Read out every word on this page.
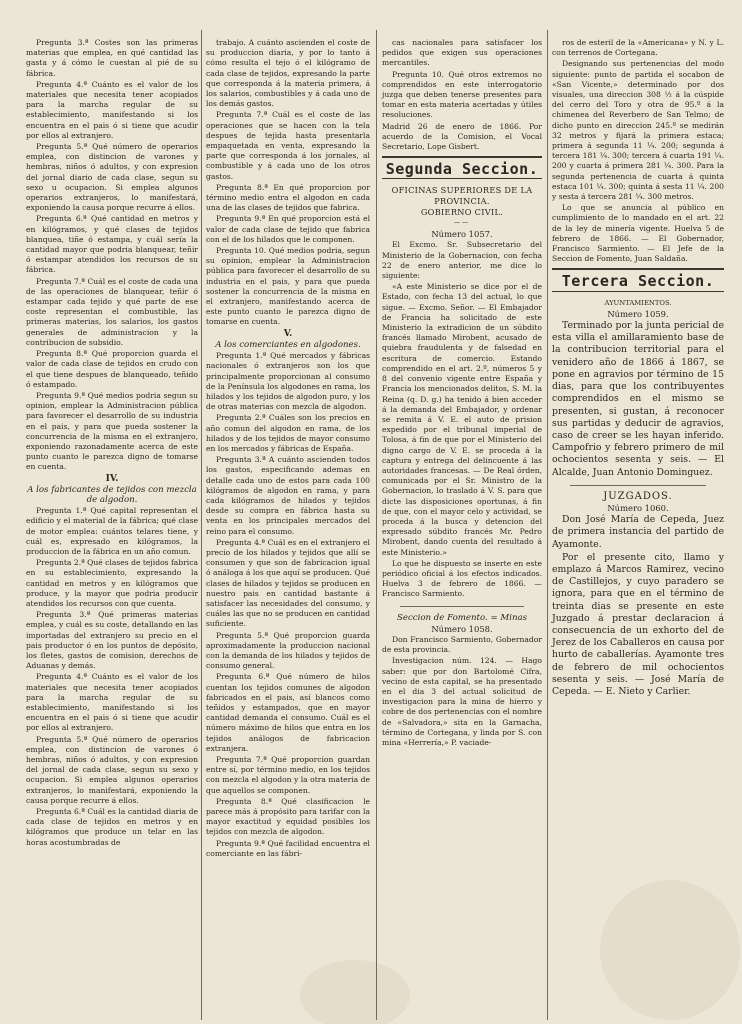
Pregunta 3.ª Costes son las primeras materias que emplea, en qué cantidad las gasta y á cómo le cuestan al pié de su fábrica.

Pregunta 4.ª Cuánto es el valor de los materiales que necesita tener acopiados para la marcha regular de su establecimiento, manifestando si los encuentra en el pais ó si tiene que acudir por ellos al extranjero.

Pregunta 5.ª Qué número de operarios emplea, con distincion de varones y hembras, niños ó adultos, y con expresion del jornal diario de cada clase, segun su sexo u ocupacion. Si emplea algunos operarios extranjeros, lo manifestará, exponiendo la causa porque recurre á ellos.

Pregunta 6.ª Qué cantidad en metros y en kilógramos, y qué clases de tejidos blanquea, tiñe ó estampa, y cuál sería la cantidad mayor que podria blanquear, teñir ó estampar atendidos los recursos de su fábrica.

Pregunta 7.ª Cuál es el coste de cada una de las operaciones de blanquear, teñir ó estampar cada tejido y qué parte de ese coste representan el combustible, las primeras materias, los salarios, los gastos generales de administracion y la contribucion de subsidio.

Pregunta 8.ª Qué proporcion guarda el valor de cada clase de tejidos en crudo con el que tiene despues de blanqueado, teñido ó estampado.

Pregunta 9.ª Qué medios podria segun su opinion, emplear la Administracion pública para favorecer el desarrollo de su industria en el pais, y para que pueda sostener la concurrencia de la misma en el extranjero, exponiendo razonadamente acerca de este punto cuanto le parezca digno de tomarse en cuenta.

IV.

A los fabricantes de tejidos con mezcla de algodon.

Pregunta 1.ª Qué capital representan el edificio y el material de la fábrica; qué clase de motor emplea: cuántos telares tiene, y cuál es, expresado en kilógramos, la produccion de la fábrica en un año comun.

Pregunta 2.ª Qué clases de tejidos fabrica en su establecimiento, expresando la cantidad en metros y en kilógramos que produce, y la mayor que podria producir atendidos los recursos con que cuenta.

Pregunta 3.ª Qué primeras materias emplea, y cuál es su coste, detallando en las importadas del extranjero su precio en el pais productor ó en los puntos de depósito, los fletes, gastos de comision, derechos de Aduanas y demás.

Pregunta 4.ª Cuánto es el valor de los materiales que necesita tener acopiados para la marcha regular de su establecimiento, manifestando si los encuentra en el pais ó si tiene que acudir por ellos al extranjero.

Pregunta 5.ª Qué número de operarios emplea, con distincion de varones ó hembras, niños ó adultos, y con expresion del jornal de cada clase, segun su sexo y ocupacion. Si emplea algunos operarios extranjeros, lo manifestará, exponiendo la causa porque recurre á ellos.

Pregunta 6.ª Cuál es la cantidad diaria de cada clase de tejidos en metros y en kilógramos que produce un telar en las horas acostumbradas de

trabajo. A cuánto ascienden el coste de su produccion diaria, y por lo tanto á cómo resulta el tejo ó el kilógramo de cada clase de tejidos, expresando la parte que corresponda á la materia primera, á los salarios, combustibles y á cada uno de los demás gastos.

Pregunta 7.ª Cuál es el coste de las operaciones que se hacen con la tela despues de tejida hasta presentarla empaquetada en venta, expresando la parte que corresponda á los jornales, al combustible y á cada uno de los otros gastos.

Pregunta 8.ª En qué proporcion por término medio entra el algodon en cada una de las clases de tejidos que fabrica.

Pregunta 9.ª En qué proporcion está el valor de cada clase de tejido que fabrica con el de los hilados que le componen.

Pregunta 10. Qué medios podria, segun su opinion, emplear la Administracion pública para favorecer el desarrollo de su industria en el pais, y para que pueda sostener la concurrencia de la misma en el extranjero, manifestando acerca de este punto cuanto le parezca digno de tomarse en cuenta.

V.

A los comerciantes en algodones.

Pregunta 1.ª Qué mercados y fábricas nacionales ó extranjeros son los que principalmente proporcionan al consumo de la Península los algodones en rama, los hilados y los tejidos de algodon puro, y los de otras materias con mezcla de algodon.

Pregunta 2.ª Cuáles son los precios en año comun del algodon en rama, de los hilados y de los tejidos de mayor consumo en los mercados y fábricas de España.

Pregunta 3.ª A cuánto ascienden todos los gastos, especificando ademas en detalle cada uno de estos para cada 100 kilógramos de algodon en rama, y para cada kilógramos de hilados y tejidos desde su compra en fábrica hasta su venta en los principales mercados del reino para el consumo.

Pregunta 4.ª Cuál es en el extranjero el precio de los hilados y tejidos que allí se consumen y que son de fabricacion igual ó análoga á los que aquí se producen. Qué clases de hilados y tejidos se producen en nuestro pais en cantidad bastante á satisfacer las necesidades del consumo, y cuáles las que no se producen en cantidad suficiente.

Pregunta 5.ª Qué proporcion guarda aproximadamente la produccion nacional con la demanda de los hilados y tejidos de consumo general.

Pregunta 6.ª Qué número de hilos cuentan los tejidos comunes de algodon fabricados en el pais, así blancos como teñidos y estampados, que en mayor cantidad demanda el consumo. Cuál es el número máximo de hilos que entra en los tejidos análogos de fabricacion extranjera.

Pregunta 7.ª Qué proporcion guardan entre sí, por término medio, en los tejidos con mezcla el algodon y la otra materia de que aquellos se componen.

Pregunta 8.ª Qué clasificacion le parece más á propósito para tarifar con la mayor exactitud y equidad posibles los tejidos con mezcla de algodon.

Pregunta 9.ª Qué facilidad encuentra el comerciante en las fábri-

cas nacionales para satisfacer los pedidos que exigen sus operaciones mercantiles.

Pregunta 10. Qué otros extremos no comprendidos en este interrogatorio juzga que deben tenerse presentes para tomar en esta materia acertadas y útiles resoluciones.

Madrid 26 de enero de 1866. Por acuerdo de la Comision, el Vocal Secretario, Lope Gisbert.

Segunda Seccion.

OFICINAS SUPERIORES DE LA PROVINCIA.

GOBIERNO CIVIL.

——

Número 1057.

El Excmo. Sr. Subsecretario del Ministerio de la Gobernacion, con fecha 22 de enero anterior, me dice lo siguiente:

«A este Ministerio se dice por el de Estado, con fecha 13 del actual, lo que sigue. — Excmo. Señor. — El Embajador de Francia ha solicitado de este Ministerio la extradicion de un súbdito francés llamado Mirobent, acusado de quiebra fraudulenta y de falsedad en escritura de comercio. Estando comprendido en el art. 2.º, números 5 y 8 del convenio vigente entre España y Francia los mencionados delitos, S. M. la Reina (q. D. g.) ha tenido á bien acceder á la demanda del Embajador, y ordenar se remita á V. E. el auto de prision expedido por el tribunal imperial de Tolosa, á fin de que por el Ministerio del digno cargo de V. E. se proceda á la captura y entrega del delincuente á las autoridades francesas. — De Real órden, comunicada por el Sr. Ministro de la Gobernacion, lo traslado á V. S. para que dicte las disposiciones oportunas, á fin de que, con el mayor celo y actividad, se proceda á la busca y detencion del expresado súbdito francés Mr. Pedro Mirobent, dando cuenta del resultado á este Ministerio.»

Lo que he dispuesto se inserte en este periódico oficial á los efectos indicados. Huelva 3 de febrero de 1866. — Francisco Sarmiento.

Seccion de Fomento. = Minas

Número 1058.

Don Francisco Sarmiento, Gobernador de esta provincia.

Investigacion núm. 124. — Hago saber: que por don Bartolomé Cifra, vecino de esta capital, se ha presentado en el dia 3 del actual solicitud de investigacion para la mina de hierro y cobre de dos pertenencias con el nombre de «Salvadora,» sita en la Garnacha, término de Cortegana, y linda por S. con mina «Herrería,» P. vaciade-

ros de esteril de la «Americana» y N. y L. con terrenos de Cortegana.

Designando sus pertenencias del modo siguiente: punto de partida el socabon de «San Vicente,» determinado por dos visuales, una direccion 308 ½ á la cúspide del cerro del Toro y otra de 95.º á la chimenea del Reverbero de San Telmo; de dicho punto en direccion 245.º se medirán 32 metros y fijará la primera estaca; primera á segunda 11 ¼. 200; segunda á tercera 181 ¼. 300; tercera á cuarta 191 ¼. 200 y cuarta á primera 281 ¼. 300. Para la segunda pertenencia de cuarta á quinta estaca 101 ¼. 300; quinta á sesta 11 ¼. 200 y sesta á tercera 281 ¼. 300 metros.

Lo que se anuncia al público en cumplimiento de lo mandado en el art. 22 de la ley de minería vigente. Huelva 5 de febrero de 1866. — El Gobernador, Francisco Sarmiento. — El Jefe de la Seccion de Fomento, Juan Saldaña.

Tercera Seccion.

AYUNTAMIENTOS.

Número 1059.

Terminado por la junta pericial de esta villa el amillaramiento base de la contribucion territorial para el venidero año de 1866 á 1867, se pone en agravios por término de 15 dias, para que los contribuyentes comprendidos en el mismo se presenten, si gustan, á reconocer sus partidas y deducir de agravios, caso de creer se les hayan inferido. Campofrio y febrero primero de mil ochocientos sesenta y seis. — El Alcalde, Juan Antonio Dominguez.

JUZGADOS.

Número 1060.

Don José María de Cepeda, Juez de primera instancia del partido de Ayamonte.

Por el presente cito, llamo y emplazo á Marcos Ramirez, vecino de Castillejos, y cuyo paradero se ignora, para que en el término de treinta dias se presente en este Juzgado á prestar declaracion á consecuencia de un exhorto del de Jerez de los Caballeros en causa por hurto de caballerías. Ayamonte tres de febrero de mil ochocientos sesenta y seis. — José María de Cepeda. — E. Nieto y Carlier.
